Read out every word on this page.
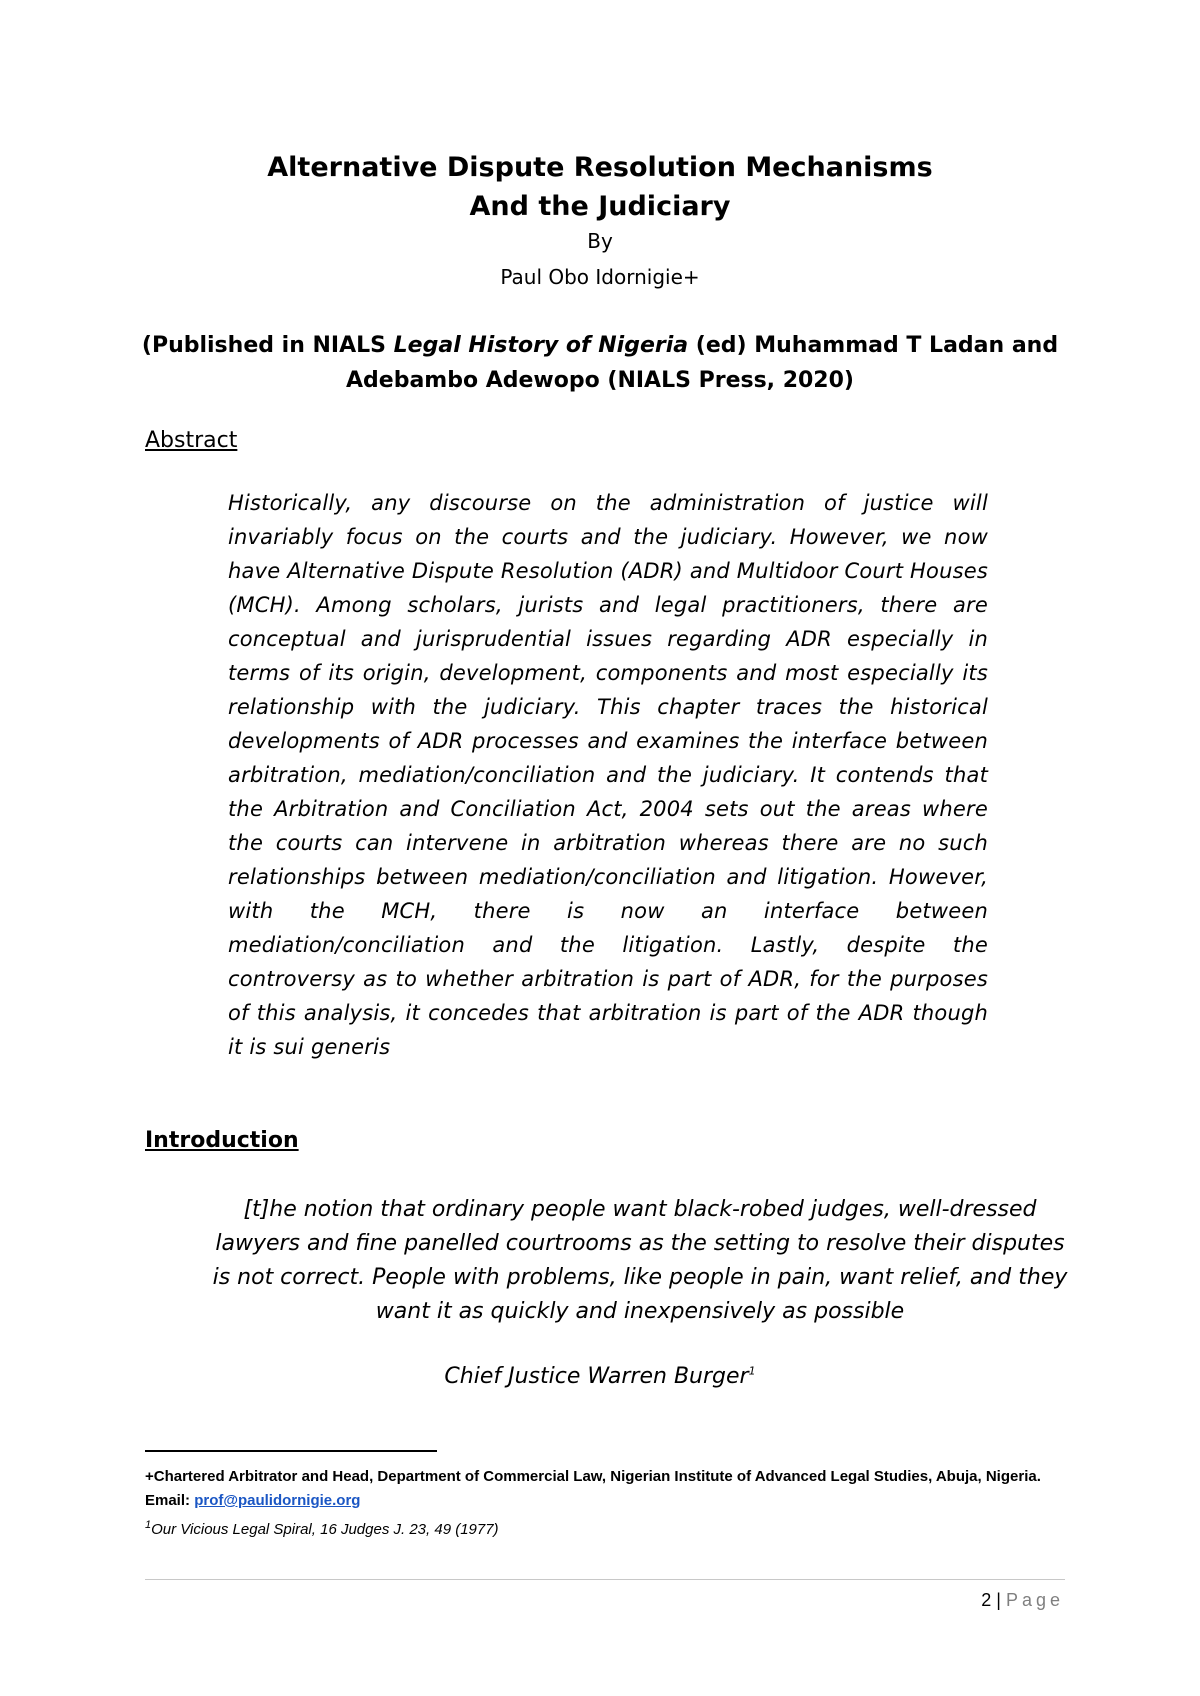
Alternative Dispute Resolution Mechanisms
And the Judiciary
By
Paul Obo Idornigie+
(Published in NIALS Legal History of Nigeria (ed) Muhammad T Ladan and Adebambo Adewopo (NIALS Press, 2020)
Abstract
Historically, any discourse on the administration of justice will invariably focus on the courts and the judiciary. However, we now have Alternative Dispute Resolution (ADR) and Multidoor Court Houses (MCH). Among scholars, jurists and legal practitioners, there are conceptual and jurisprudential issues regarding ADR especially in terms of its origin, development, components and most especially its relationship with the judiciary. This chapter traces the historical developments of ADR processes and examines the interface between arbitration, mediation/conciliation and the judiciary. It contends that the Arbitration and Conciliation Act, 2004 sets out the areas where the courts can intervene in arbitration whereas there are no such relationships between mediation/conciliation and litigation. However, with the MCH, there is now an interface between mediation/conciliation and the litigation. Lastly, despite the controversy as to whether arbitration is part of ADR, for the purposes of this analysis, it concedes that arbitration is part of the ADR though it is sui generis
Introduction
[t]he notion that ordinary people want black-robed judges, well-dressed lawyers and fine panelled courtrooms as the setting to resolve their disputes is not correct. People with problems, like people in pain, want relief, and they want it as quickly and inexpensively as possible
Chief Justice Warren Burger$^1$
+Chartered Arbitrator and Head, Department of Commercial Law, Nigerian Institute of Advanced Legal Studies, Abuja, Nigeria. Email: prof@paulidornigie.org
$^1$Our Vicious Legal Spiral, 16 Judges J. 23, 49 (1977)
2 | Page
